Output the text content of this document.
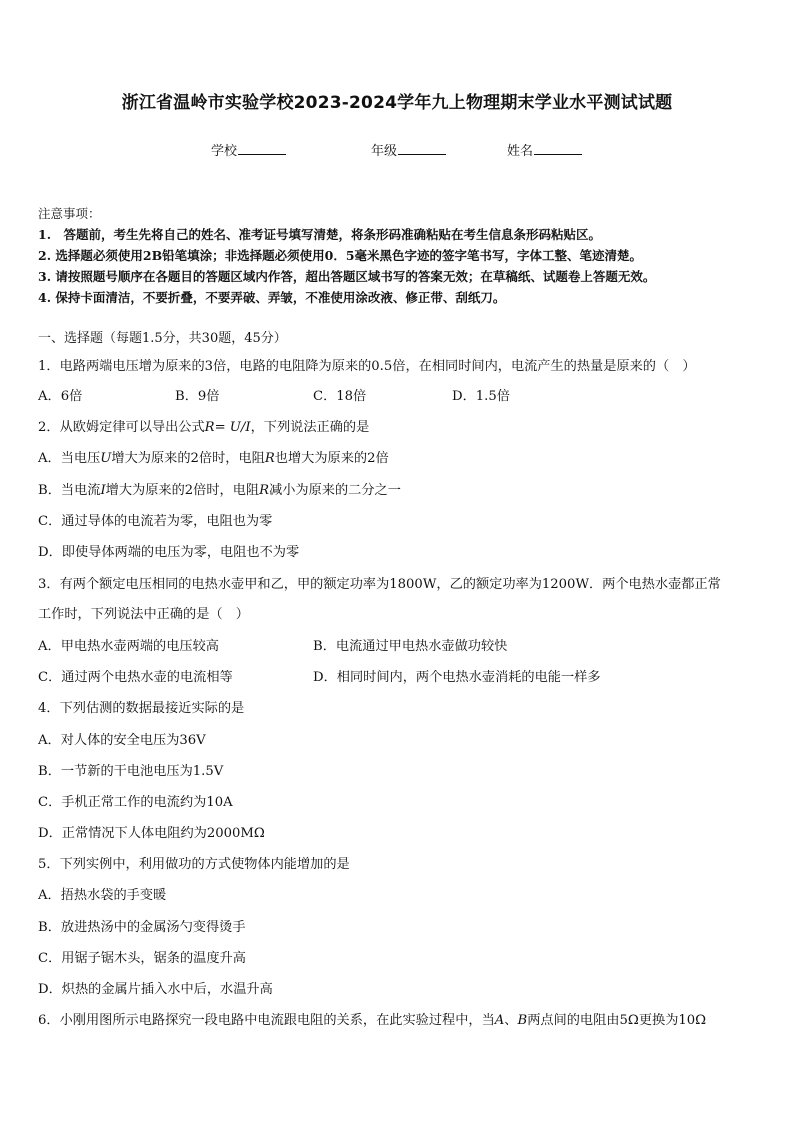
浙江省温岭市实验学校2023-2024学年九上物理期末学业水平测试试题
学校	年级	姓名
注意事项：
1.　答题前，考生先将自己的姓名、准考证号填写清楚，将条形码准确粘贴在考生信息条形码粘贴区。
2. 选择题必须使用2B铅笔填涂；非选择题必须使用0．5毫米黑色字迹的签字笔书写，字体工整、笔迹清楚。
3. 请按照题号顺序在各题目的答题区域内作答，超出答题区域书写的答案无效；在草稿纸、试题卷上答题无效。
4. 保持卡面清洁，不要折叠，不要弄破、弄皱，不准使用涂改液、修正带、刮纸刀。
一、选择题（每题1.5分，共30题，45分）
1．电路两端电压增为原来的3倍，电路的电阻降为原来的0.5倍，在相同时间内，电流产生的热量是原来的（　）
A．6倍	B．9倍	C．18倍	D．1.5倍
2．从欧姆定律可以导出公式R= U/I，下列说法正确的是
A．当电压U增大为原来的2倍时，电阻R也增大为原来的2倍
B．当电流I增大为原来的2倍时，电阻R减小为原来的二分之一
C．通过导体的电流若为零，电阻也为零
D．即使导体两端的电压为零，电阻也不为零
3．有两个额定电压相同的电热水壶甲和乙，甲的额定功率为1800W，乙的额定功率为1200W．两个电热水壶都正常
工作时，下列说法中正确的是（　）
A．甲电热水壶两端的电压较高	B．电流通过甲电热水壶做功较快
C．通过两个电热水壶的电流相等	D．相同时间内，两个电热水壶消耗的电能一样多
4．下列估测的数据最接近实际的是
A．对人体的安全电压为36V
B．一节新的干电池电压为1.5V
C．手机正常工作的电流约为10A
D．正常情况下人体电阻约为2000MΩ
5．下列实例中，利用做功的方式使物体内能增加的是
A．捂热水袋的手变暖
B．放进热汤中的金属汤勺变得烫手
C．用锯子锯木头，锯条的温度升高
D．炽热的金属片插入水中后，水温升高
6．小刚用图所示电路探究一段电路中电流跟电阻的关系，在此实验过程中，当A、B两点间的电阻由5Ω更换为10Ω
